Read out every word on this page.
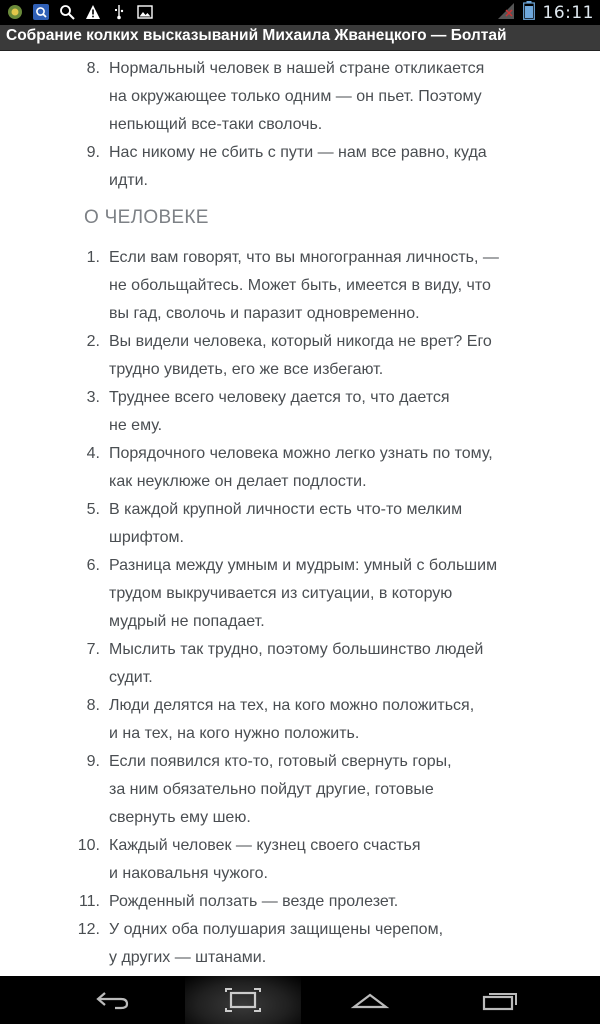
16:11
Собрание колких высказываний Михаила Жванецкого — Болтай
8. Нормальный человек в нашей стране откликается
на окружающее только одним — он пьет. Поэтому
непьющий все-таки сволочь.
9. Нас никому не сбить с пути — нам все равно, куда
идти.
О ЧЕЛОВЕКЕ
1. Если вам говорят, что вы многогранная личность, —
не обольщайтесь. Может быть, имеется в виду, что
вы гад, сволочь и паразит одновременно.
2. Вы видели человека, который никогда не врет? Его
трудно увидеть, его же все избегают.
3. Труднее всего человеку дается то, что дается
не ему.
4. Порядочного человека можно легко узнать по тому,
как неуклюже он делает подлости.
5. В каждой крупной личности есть что-то мелким
шрифтом.
6. Разница между умным и мудрым: умный с большим
трудом выкручивается из ситуации, в которую
мудрый не попадает.
7. Мыслить так трудно, поэтому большинство людей
судит.
8. Люди делятся на тех, на кого можно положиться,
и на тех, на кого нужно положить.
9. Если появился кто-то, готовый свернуть горы,
за ним обязательно пойдут другие, готовые
свернуть ему шею.
10. Каждый человек — кузнец своего счастья
и наковальня чужого.
11. Рожденный ползать — везде пролезет.
12. У одних оба полушария защищены черепом,
у других — штанами.
